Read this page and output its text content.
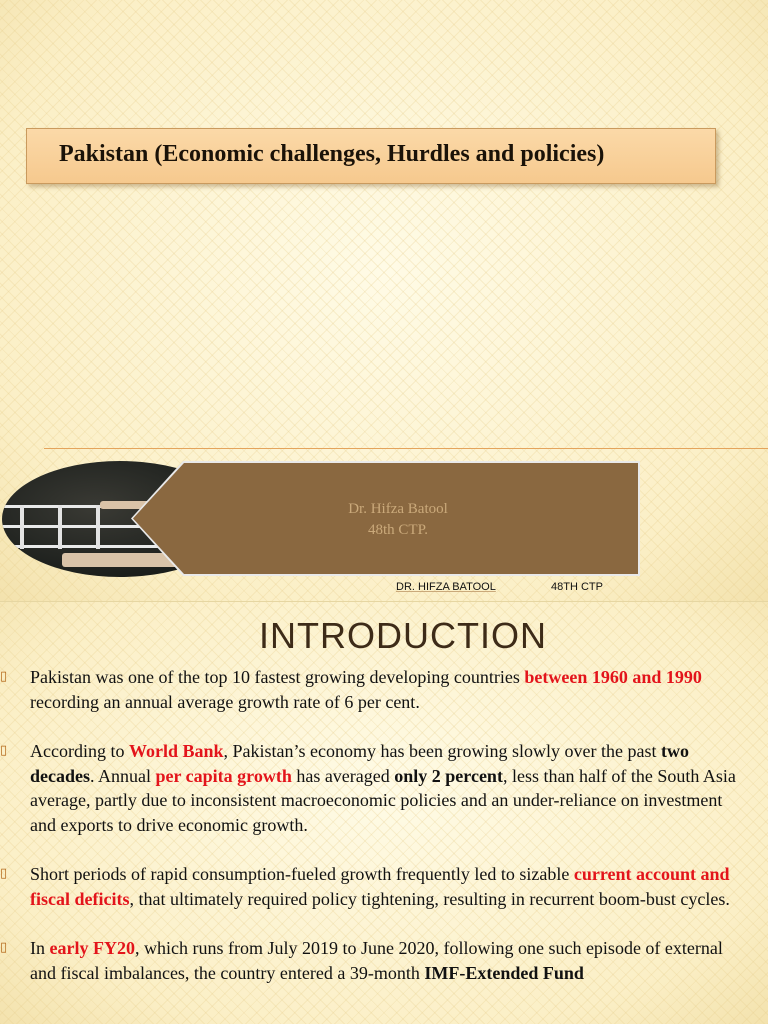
Pakistan (Economic challenges, Hurdles and policies)
Dr. Hifza Batool
48th CTP.
DR. HIFZA BATOOL	48TH CTP
INTRODUCTION
▯ Pakistan was one of the top 10 fastest growing developing countries between 1960 and 1990 recording an annual average growth rate of 6 per cent.
▯ According to World Bank, Pakistan’s economy has been growing slowly over the past two decades. Annual per capita growth has averaged only 2 percent, less than half of the South Asia average, partly due to inconsistent macroeconomic policies and an under-reliance on investment and exports to drive economic growth.
▯ Short periods of rapid consumption-fueled growth frequently led to sizable current account and fiscal deficits, that ultimately required policy tightening, resulting in recurrent boom-bust cycles.
▯ In early FY20, which runs from July 2019 to June 2020, following one such episode of external and fiscal imbalances, the country entered a 39-month IMF-Extended Fund
